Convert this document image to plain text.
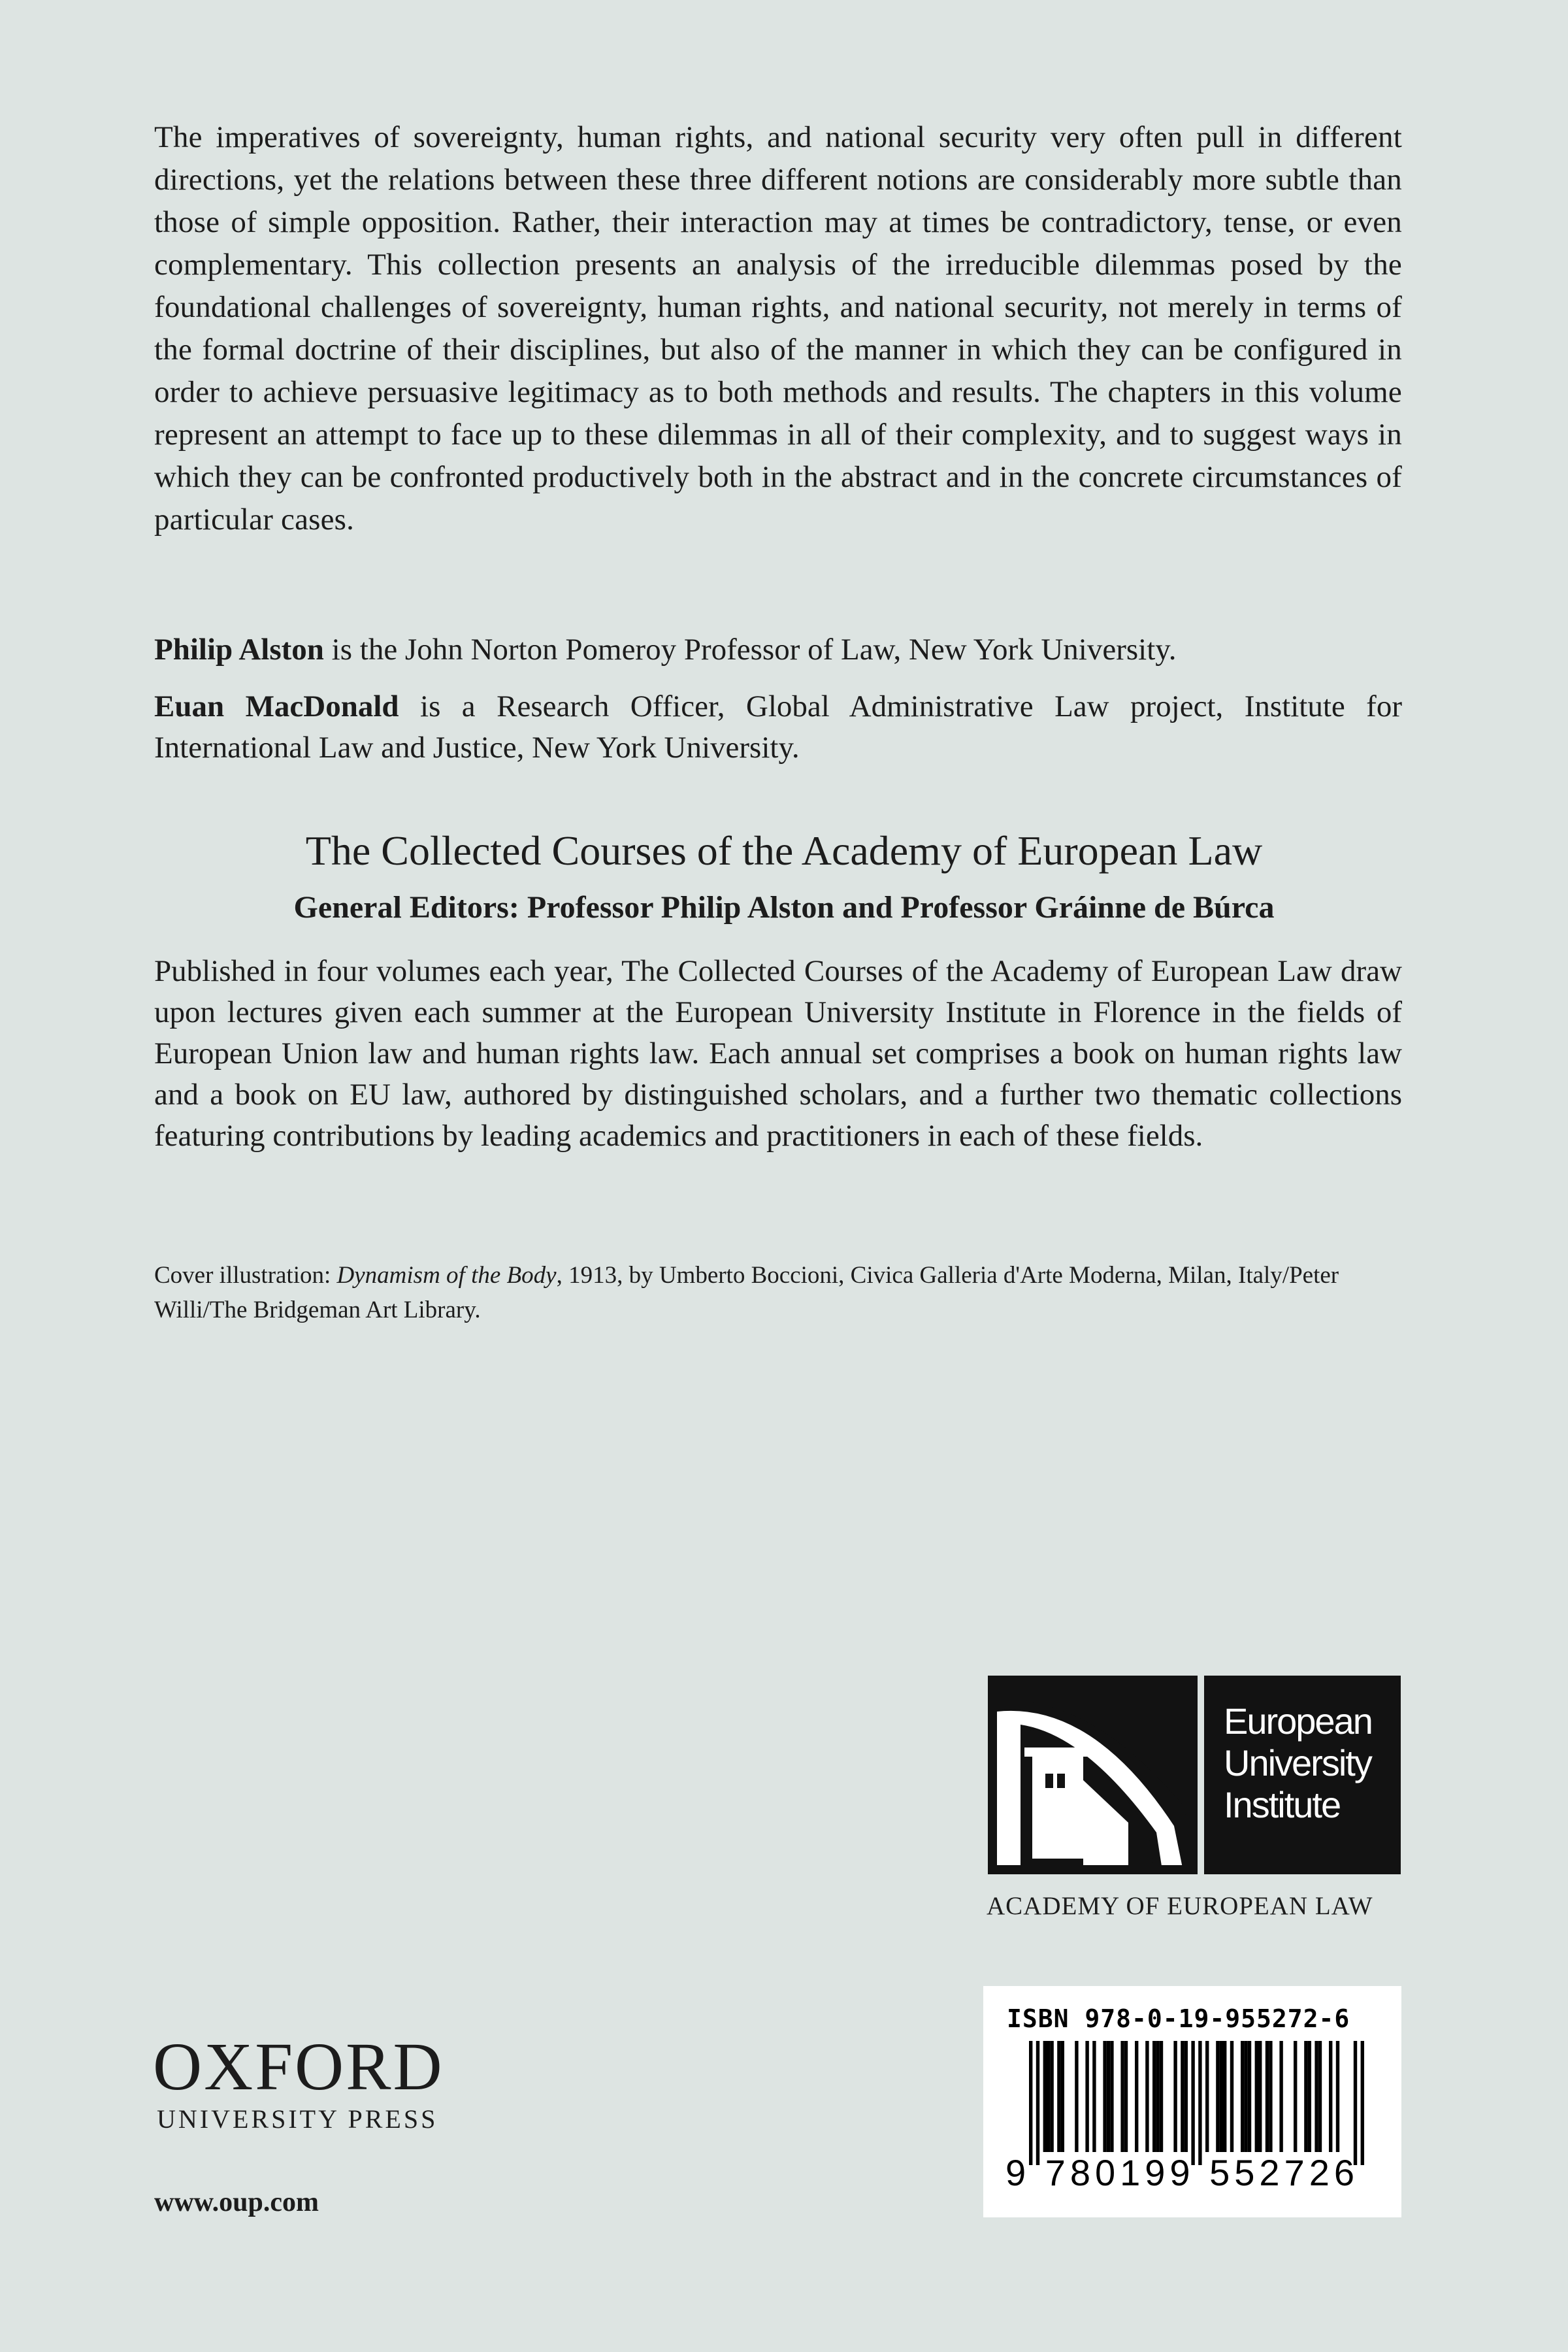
The imperatives of sovereignty, human rights, and national security very often pull in different directions, yet the relations between these three different notions are considerably more subtle than those of simple opposition. Rather, their interaction may at times be contradictory, tense, or even complementary. This collection presents an analysis of the irreducible dilemmas posed by the foundational challenges of sovereignty, human rights, and national security, not merely in terms of the formal doctrine of their disciplines, but also of the manner in which they can be configured in order to achieve persuasive legitimacy as to both methods and results. The chapters in this volume represent an attempt to face up to these dilemmas in all of their complexity, and to suggest ways in which they can be confronted productively both in the abstract and in the concrete circumstances of particular cases.

Philip Alston is the John Norton Pomeroy Professor of Law, New York University.

Euan MacDonald is a Research Officer, Global Administrative Law project, Institute for International Law and Justice, New York University.

The Collected Courses of the Academy of European Law

General Editors: Professor Philip Alston and Professor Gráinne de Búrca

Published in four volumes each year, The Collected Courses of the Academy of European Law draw upon lectures given each summer at the European University Institute in Florence in the fields of European Union law and human rights law. Each annual set comprises a book on human rights law and a book on EU law, authored by distinguished scholars, and a further two thematic collections featuring contributions by leading academics and practitioners in each of these fields.

Cover illustration: Dynamism of the Body, 1913, by Umberto Boccioni, Civica Galleria d'Arte Moderna, Milan, Italy/Peter Willi/The Bridgeman Art Library.

European
University
Institute
ACADEMY OF EUROPEAN LAW
OXFORD
UNIVERSITY PRESS
www.oup.com
ISBN 978-0-19-955272-6
9 780199 552726
